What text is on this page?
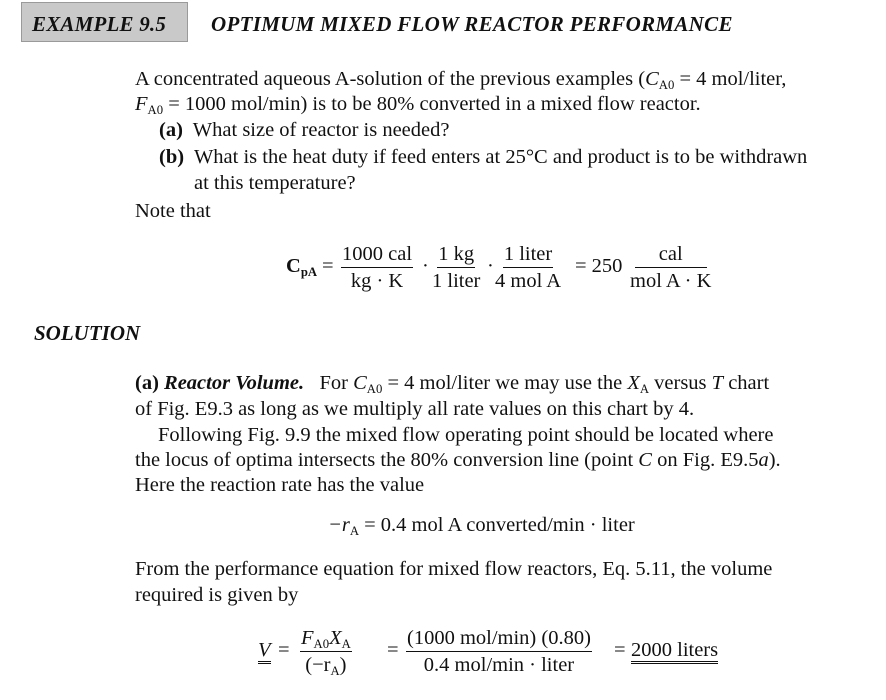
EXAMPLE 9.5 OPTIMUM MIXED FLOW REACTOR PERFORMANCE
A concentrated aqueous A-solution of the previous examples ($C_{A0} = 4$ mol/liter,
$F_{A0} = 1000$ mol/min) is to be 80% converted in a mixed flow reactor.
(a) What size of reactor is needed?
(b) What is the heat duty if feed enters at 25°C and product is to be withdrawn
at this temperature?
Note that
$C_{pA}$ =
1000 cal
kg · K
·
1 kg
1 liter
·
1 liter
4 mol A
= 250
cal
mol A · K
SOLUTION
(a) Reactor Volume. For $C_{A0} = 4$ mol/liter we may use the $X_A$ versus T chart
of Fig. E9.3 as long as we multiply all rate values on this chart by 4.
Following Fig. 9.9 the mixed flow operating point should be located where
the locus of optima intersects the 80% conversion line (point C on Fig. E9.5a).
Here the reaction rate has the value
$-r_A = 0.4$ mol A converted/min · liter
From the performance equation for mixed flow reactors, Eq. 5.11, the volume
required is given by
$V = \frac{F_{A0}X_A}{(-r_A)}$ =
(1000 mol/min) (0.80)
0.4 mol/min · liter
= 2000 liters
